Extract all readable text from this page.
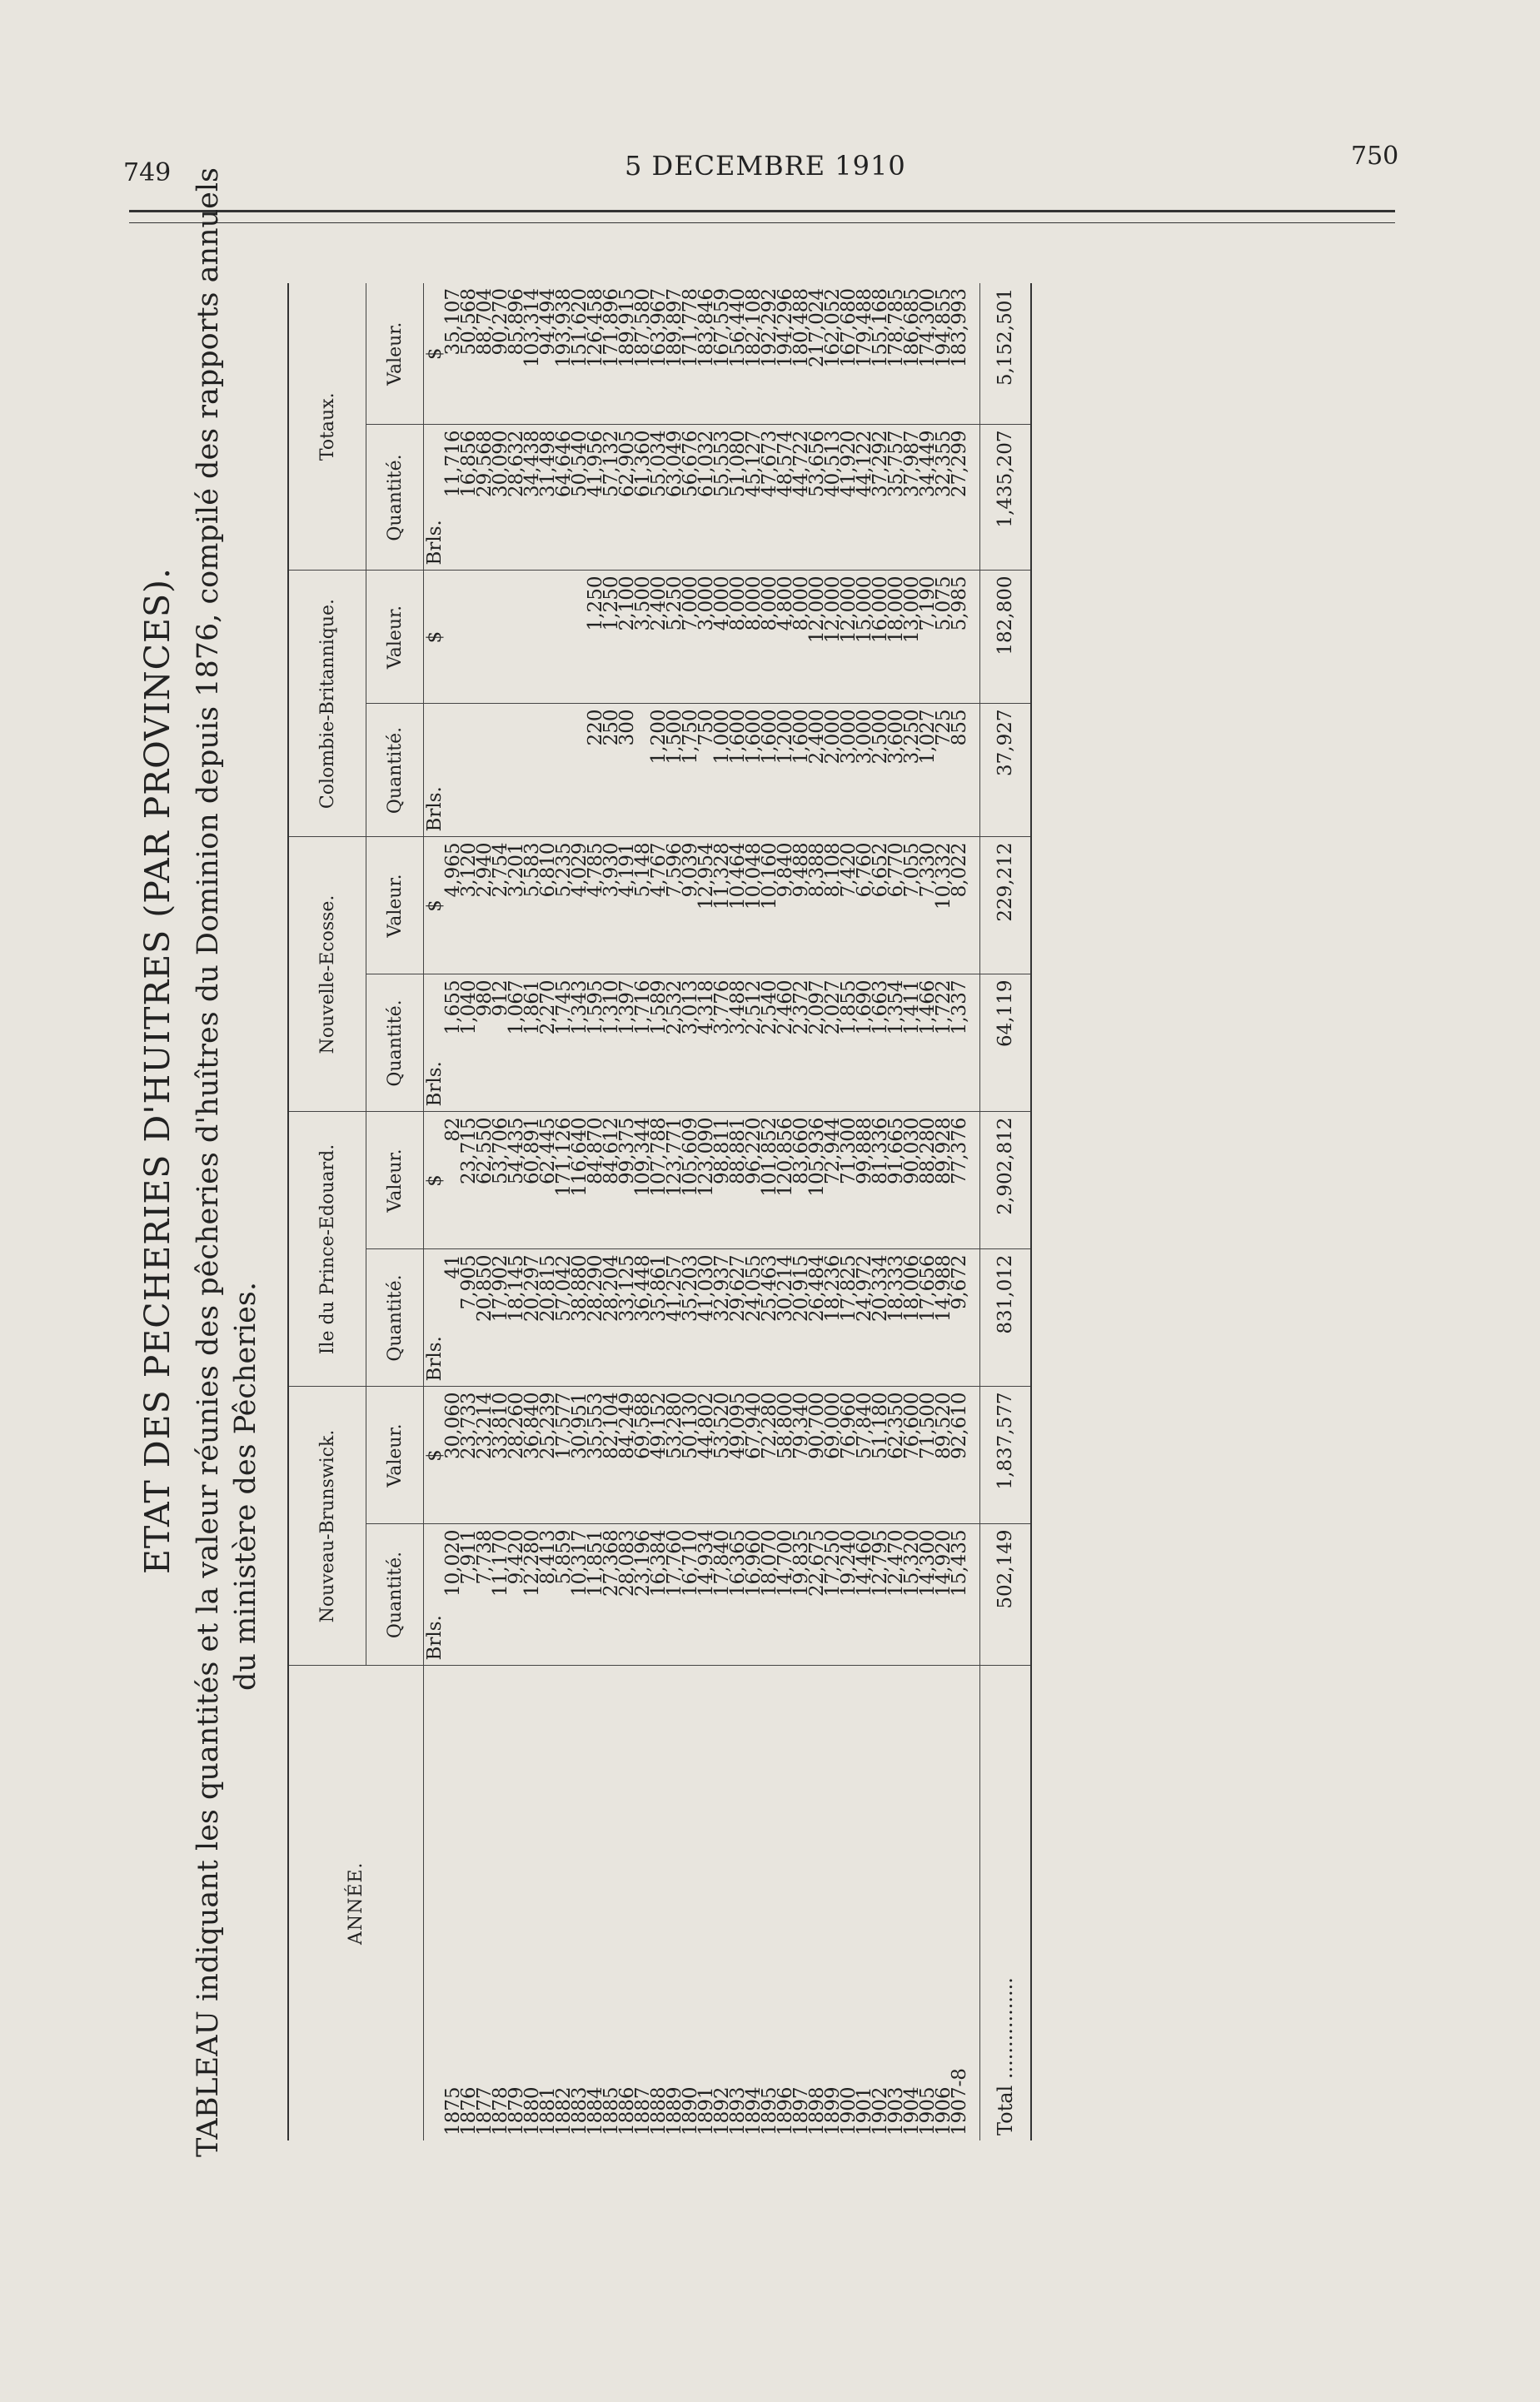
749	5 DECEMBRE 1910	750
ETAT DES PECHERIES D'HUITRES (PAR PROVINCES). TABLEAU indiquant les quantités et la valeur réunies des pêcheries d'huîtres du Dominion depuis 1876, compilé des rapports annuels du ministère des Pêcheries.
ANNÉE.	Nouveau-Brunswick.		Ile du Prince-Edouard.		Nouvelle-Ecosse.		Colombie-Britannique.		Totaux.	
	Quantité.	Valeur.	Quantité.	Valeur.	Quantité.	Valeur.	Quantité.	Valeur.	Quantité.	Valeur.
	Brls.	$	Brls.	$	Brls.	$	Brls.	$	Brls.	$
1875	10,020	30,060	41	82	1,655	4,965			11,716	35,107
1876	7,911	23,733	7,905	23,715	1,040	3,120			16,856	50,568
1877	7,738	23,214	20,850	62,550	980	2,940			29,568	88,704
1878	11,170	33,810	17,902	53,706	912	2,754			30,090	90,270
1879	9,420	28,260	18,145	54,435	1,067	3,201			28,632	85,896
1880	12,280	36,840	20,297	60,891	1,861	5,583			34,438	103,314
1881	8,413	25,239	20,815	62,445	2,270	6,810			31,498	94,494
1882	5,859	17,577	57,042	171,126	1,745	5,235			64,646	193,938
1883	10,317	30,951	38,880	116,640	1,343	4,029			50,540	151,620
1884	11,851	35,553	28,290	84,870	1,595	4,785	220	1,250	41,956	126,458
1885	27,368	82,104	28,204	84,612	1,310	3,930	250	1,250	57,132	171,896
1886	28,083	84,249	33,125	99,375	1,397	4,191	300	2,100	62,905	189,915
1887	23,196	69,588	36,448	109,344	1,716	5,148		3,500	61,360	187,580
1888	16,384	49,152	35,861	107,788	1,589	4,767	1,200	2,400	55,034	163,967
1889	17,760	53,280	41,257	123,771	2,532	7,596	1,500	5,250	63,049	189,897
1890	16,710	50,130	35,203	105,609	3,013	9,039	1,750	7,000	56,676	171,778
1891	14,934	44,802	41,030	123,090	4,318	12,954	750	3,000	61,032	183,846
1892	17,840	53,520	32,937	98,811	3,776	11,328	1,000	4,000	55,553	167,559
1893	16,365	49,095	29,627	88,881	3,488	10,464	1,600	8,000	51,080	156,440
1894	16,960	67,940	24,055	96,220	2,512	10,048	1,600	8,000	45,127	182,108
1895	18,070	72,280	25,463	101,852	2,540	10,160	1,600	8,000	47,673	192,292
1896	14,700	58,800	30,214	120,856	2,460	9,840	1,200	4,800	48,574	194,296
1897	19,835	79,340	20,915	83,660	2,372	9,488	1,600	8,000	44,722	180,488
1898	22,675	90,700	26,484	105,936	2,097	8,388	2,400	12,000	53,656	217,024
1899	17,250	69,000	18,236	72,944	2,027	8,108	2,000	12,000	40,513	162,052
1900	19,240	76,960	17,825	71,300	1,855	7,420	3,000	12,000	41,920	167,680
1901	14,460	57,840	24,972	99,888	1,690	6,760	3,000	15,000	44,122	179,488
1902	12,795	51,180	20,334	81,336	1,663	6,652	2,500	16,000	37,292	155,168
1903	12,470	62,350	18,333	91,665	1,354	6,770	3,600	18,000	35,757	178,785
1904	15,320	76,600	18,006	90,030	1,411	7,055	3,250	13,000	37,987	186,685
1905	14,300	71,500	17,656	88,280	1,466	7,330	1,027	7,190	34,449	174,300
1906	14,920	89,520	14,988	89,928	1,722	10,332	725	5,075	32,355	194,855
1907-8	15,435	92,610	9,672	77,376	1,337	8,022	855	5,985	27,299	183,993
Total ................	502,149	1,837,577	831,012	2,902,812	64,119	229,212	37,927	182,800	1,435,207	5,152,501
